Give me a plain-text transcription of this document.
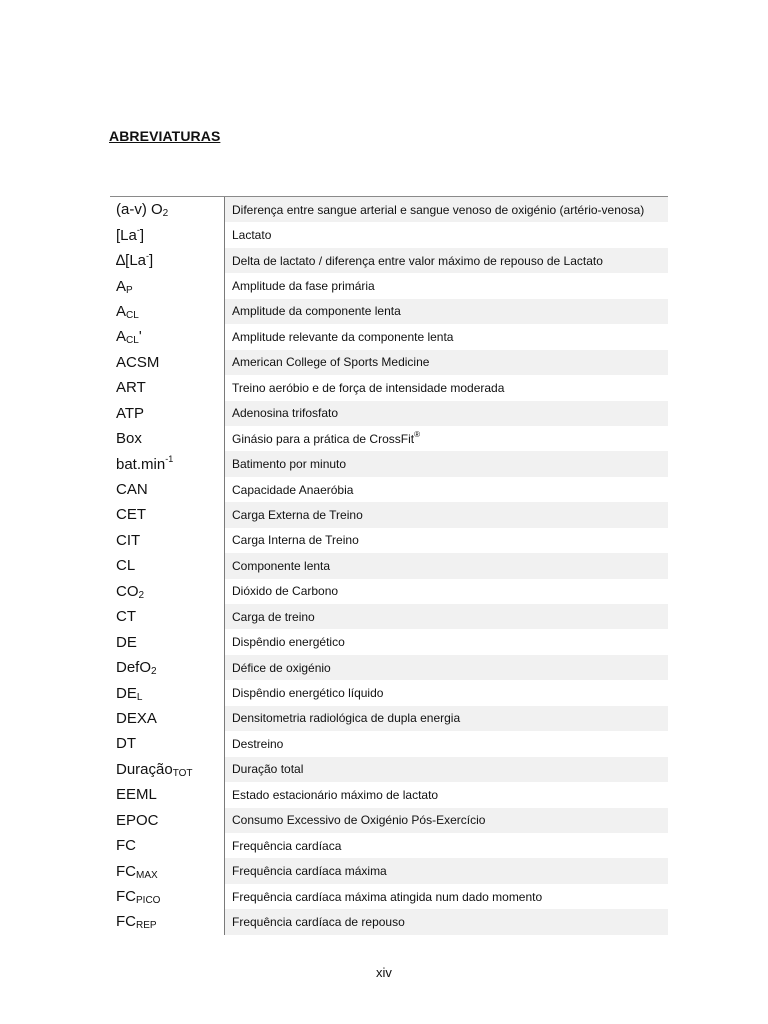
ABREVIATURAS
(a-v) O 2	Diferença entre sangue arterial e sangue venoso de oxigénio (artério-venosa)
[La - ]	Lactato
∆[La - ]	Delta de lactato / diferença entre valor máximo de repouso de Lactato
A P	Amplitude da fase primária
A CL	Amplitude da componente lenta
A CL '	Amplitude relevante da componente lenta
ACSM	American College of Sports Medicine
ART	Treino aeróbio e de força de intensidade moderada
ATP	Adenosina trifosfato
Box	Ginásio para a prática de CrossFit ®
bat.min -1	Batimento por minuto
CAN	Capacidade Anaeróbia
CET	Carga Externa de Treino
CIT	Carga Interna de Treino
CL	Componente lenta
CO 2	Dióxido de Carbono
CT	Carga de treino
DE	Dispêndio energético
DefO 2	Défice de oxigénio
DE L	Dispêndio energético líquido
DEXA	Densitometria radiológica de dupla energia
DT	Destreino
Duração TOT	Duração total
EEML	Estado estacionário máximo de lactato
EPOC	Consumo Excessivo de Oxigénio Pós-Exercício
FC	Frequência cardíaca
FC MAX	Frequência cardíaca máxima
FC PICO	Frequência cardíaca máxima atingida num dado momento
FC REP	Frequência cardíaca de repouso
xiv
